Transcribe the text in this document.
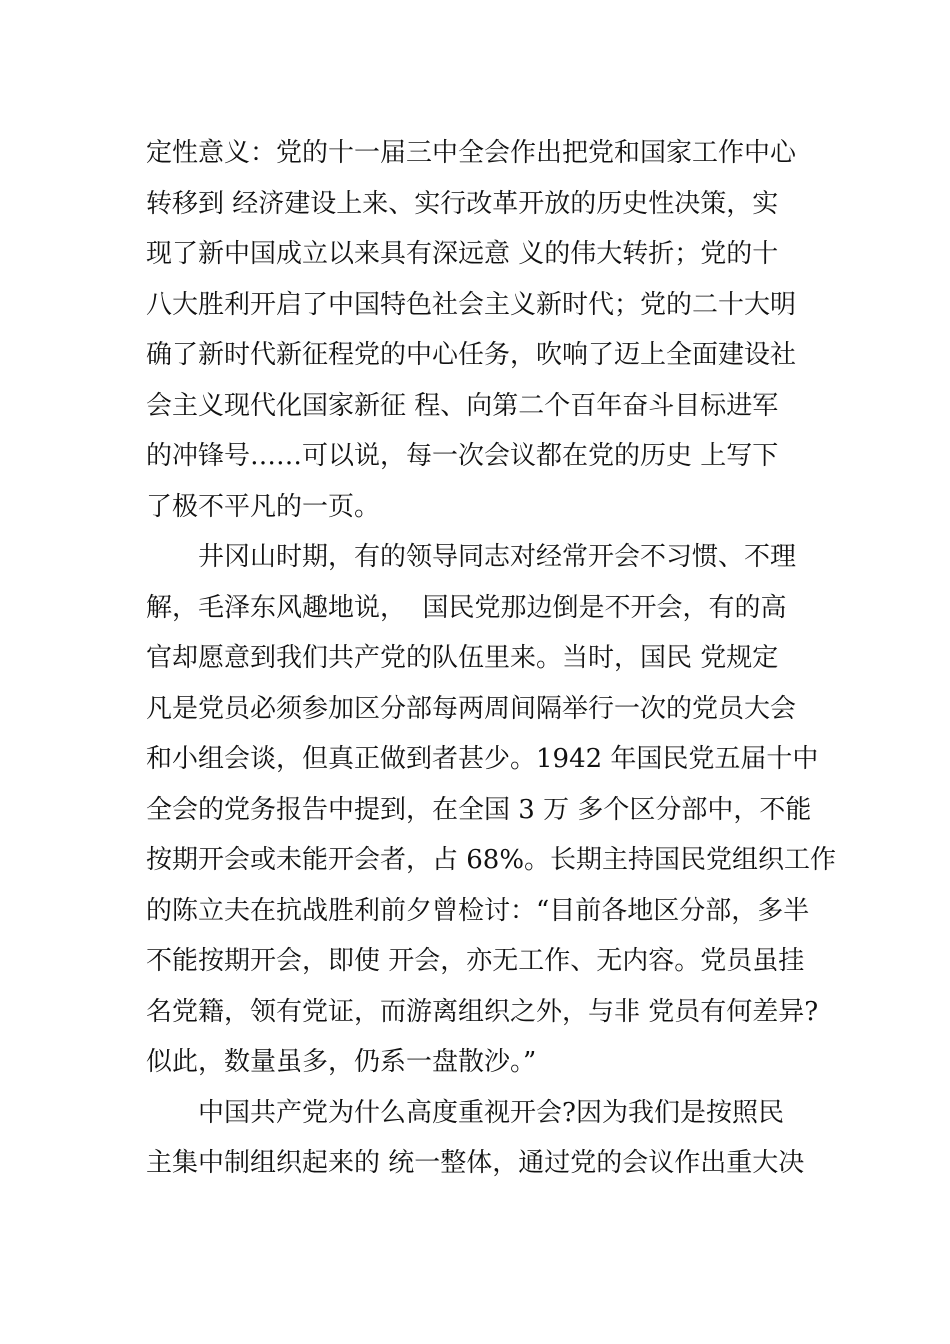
定性意义：党的十一届三中全会作出把党和国家工作中心
转移到 经济建设上来、实行改革开放的历史性决策，实
现了新中国成立以来具有深远意 义的伟大转折；党的十
八大胜利开启了中国特色社会主义新时代；党的二十大明
确了新时代新征程党的中心任务，吹响了迈上全面建设社
会主义现代化国家新征 程、向第二个百年奋斗目标进军
的冲锋号……可以说，每一次会议都在党的历史 上写下
了极不平凡的一页。
井冈山时期，有的领导同志对经常开会不习惯、不理
解，毛泽东风趣地说，  国民党那边倒是不开会，有的高
官却愿意到我们共产党的队伍里来。当时，国民 党规定
凡是党员必须参加区分部每两周间隔举行一次的党员大会
和小组会谈，但真正做到者甚少。1942 年国民党五届十中
全会的党务报告中提到，在全国 3 万 多个区分部中，不能
按期开会或未能开会者，占 68%。长期主持国民党组织工作
的陈立夫在抗战胜利前夕曾检讨：“目前各地区分部，多半
不能按期开会，即使 开会，亦无工作、无内容。党员虽挂
名党籍，领有党证，而游离组织之外，与非 党员有何差异?
似此，数量虽多，仍系一盘散沙。”
中国共产党为什么高度重视开会?因为我们是按照民
主集中制组织起来的 统一整体，通过党的会议作出重大决
